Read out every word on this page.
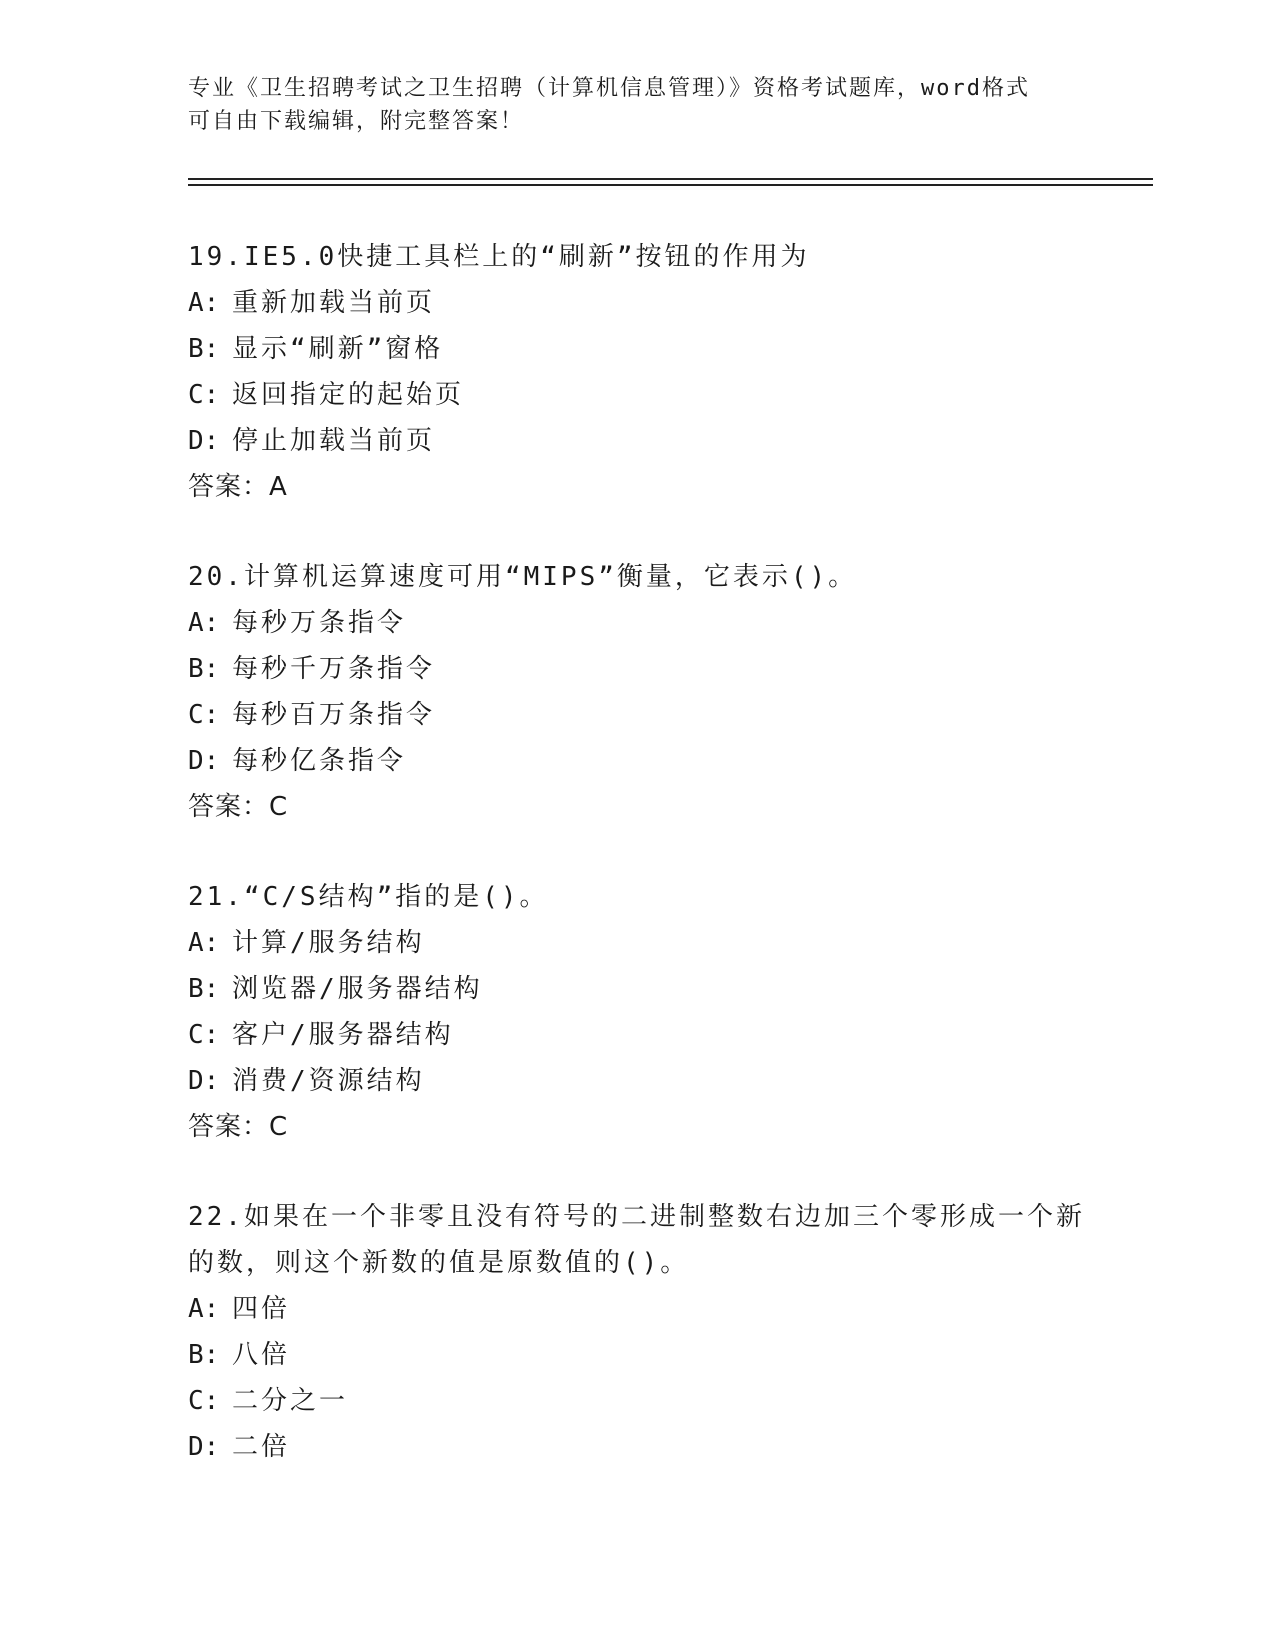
专业《卫生招聘考试之卫生招聘（计算机信息管理）》资格考试题库，word格式
可自由下载编辑，附完整答案！
19.IE5.0快捷工具栏上的“刷新”按钮的作用为
A: 重新加载当前页
B: 显示“刷新”窗格
C: 返回指定的起始页
D: 停止加载当前页
答案：A
20.计算机运算速度可用“MIPS”衡量，它表示()。
A: 每秒万条指令
B: 每秒千万条指令
C: 每秒百万条指令
D: 每秒亿条指令
答案：C
21.“C/S结构”指的是()。
A: 计算/服务结构
B: 浏览器/服务器结构
C: 客户/服务器结构
D: 消费/资源结构
答案：C
22.如果在一个非零且没有符号的二进制整数右边加三个零形成一个新
的数，则这个新数的值是原数值的()。
A: 四倍
B: 八倍
C: 二分之一
D: 二倍
